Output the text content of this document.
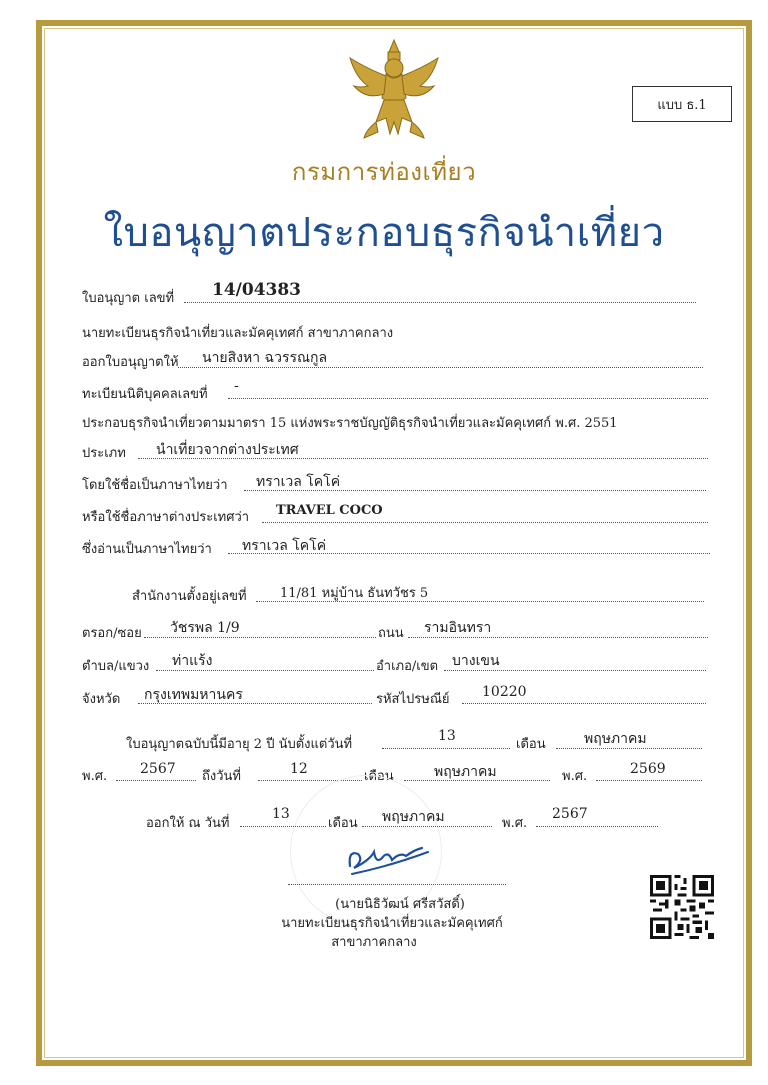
แบบ ธ.1
กรมการท่องเที่ยว
ใบอนุญาตประกอบธุรกิจนำเที่ยว
ใบอนุญาต เลขที่ 14/04383
นายทะเบียนธุรกิจนำเที่ยวและมัคคุเทศก์ สาขาภาคกลาง
ออกใบอนุญาตให้ นายสิงหา ฉวรรณกูล
ทะเบียนนิติบุคคลเลขที่
-
ประกอบธุรกิจนำเที่ยวตามมาตรา 15 แห่งพระราชบัญญัติธุรกิจนำเที่ยวและมัคคุเทศก์ พ.ศ. 2551
ประเภท นำเที่ยวจากต่างประเทศ
โดยใช้ชื่อเป็นภาษาไทยว่า ทราเวล โคโค่
หรือใช้ชื่อภาษาต่างประเทศว่า TRAVEL COCO
ซึ่งอ่านเป็นภาษาไทยว่า ทราเวล โคโค่
สำนักงานตั้งอยู่เลขที่	11/81 หมู่บ้าน ธันทวัชร 5
ตรอก/ซอย วัชรพล 1/9	ถนน รามอินทรา
ตำบล/แขวง ท่าแร้ง	อำเภอ/เขต บางเขน
จังหวัด กรุงเทพมหานคร	รหัสไปรษณีย์ 10220
ใบอนุญาตฉบับนี้มีอายุ 2 ปี นับตั้งแต่วันที่
13
เดือน	พฤษภาคม
พ.ศ. 2567 ถึงวันที่	12	เดือน	พฤษภาคม	พ.ศ.	2569
ออกให้ ณ วันที่
13
เดือน พฤษภาคม	พ.ศ.
2567
(นายนิธิวัฒน์ ศรีสวัสดิ์)
นายทะเบียนธุรกิจนำเที่ยวและมัคคุเทศก์
สาขาภาคกลาง
